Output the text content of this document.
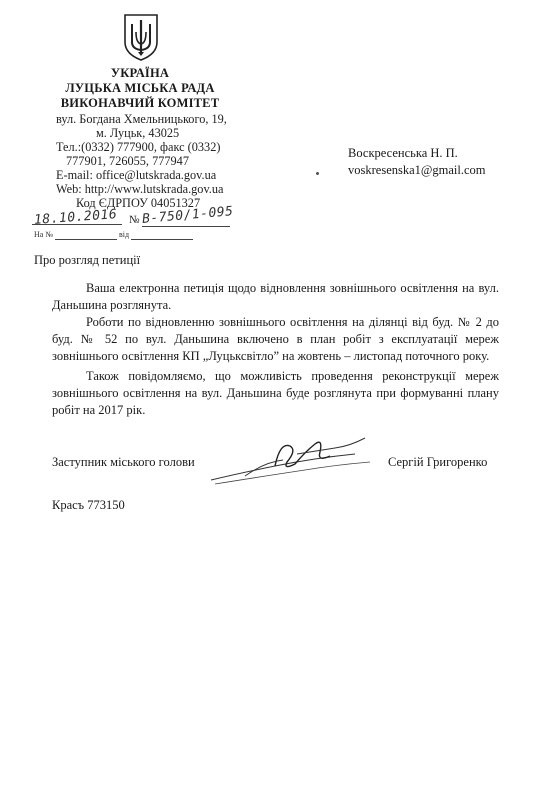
УКРАЇНА
ЛУЦЬКА МІСЬКА РАДА
ВИКОНАВЧИЙ КОМІТЕТ
вул. Богдана Хмельницького, 19,
м. Луцьк, 43025
Тел.:(0332) 777900, факс (0332)
777901, 726055, 777947
E-mail: office@lutskrada.gov.ua
Web: http://www.lutskrada.gov.ua
Код ЄДРПОУ 04051327
18.10.2016 № В-750/1-095
На №	від
Воскресенська Н. П.
voskresenska1@gmail.com
Про розгляд петиції

Ваша електронна петиція щодо відновлення зовнішнього освітлення на вул. Даньшина розглянута.

Роботи по відновленню зовнішнього освітлення на ділянці від буд. № 2 до буд. № 52 по вул. Даньшина включено в план робіт з експлуатації мереж зовнішнього освітлення КП „Луцьксвітло” на жовтень – листопад поточного року.

Також повідомляємо, що можливість проведення реконструкції мереж зовнішнього освітлення на вул. Даньшина буде розглянута при формуванні плану робіт на 2017 рік.

Заступник міського голови	Сергій Григоренко
Красъ 773150
